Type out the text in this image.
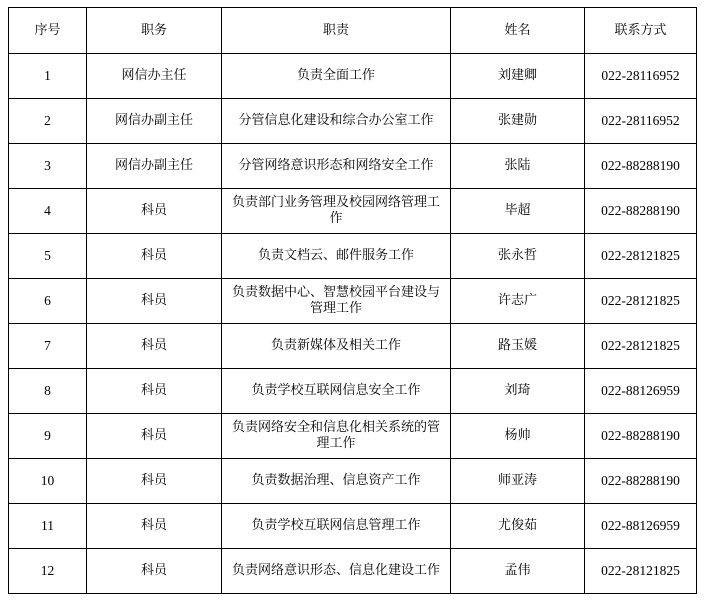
序号	职务	职责	姓名	联系方式
1	网信办主任	负责全面工作	刘建卿	022-28116952
2	网信办副主任	分管信息化建设和综合办公室工作	张建勋	022-28116952
3	网信办副主任	分管网络意识形态和网络安全工作	张陆	022-88288190
4	科员	负责部门业务管理及校园网络管理工作	毕超	022-88288190
5	科员	负责文档云、邮件服务工作	张永哲	022-28121825
6	科员	负责数据中心、智慧校园平台建设与管理工作	许志广	022-28121825
7	科员	负责新媒体及相关工作	路玉媛	022-28121825
8	科员	负责学校互联网信息安全工作	刘琦	022-88126959
9	科员	负责网络安全和信息化相关系统的管理工作	杨帅	022-88288190
10	科员	负责数据治理、信息资产工作	师亚涛	022-88288190
11	科员	负责学校互联网信息管理工作	尤俊茹	022-88126959
12	科员	负责网络意识形态、信息化建设工作	孟伟	022-28121825
